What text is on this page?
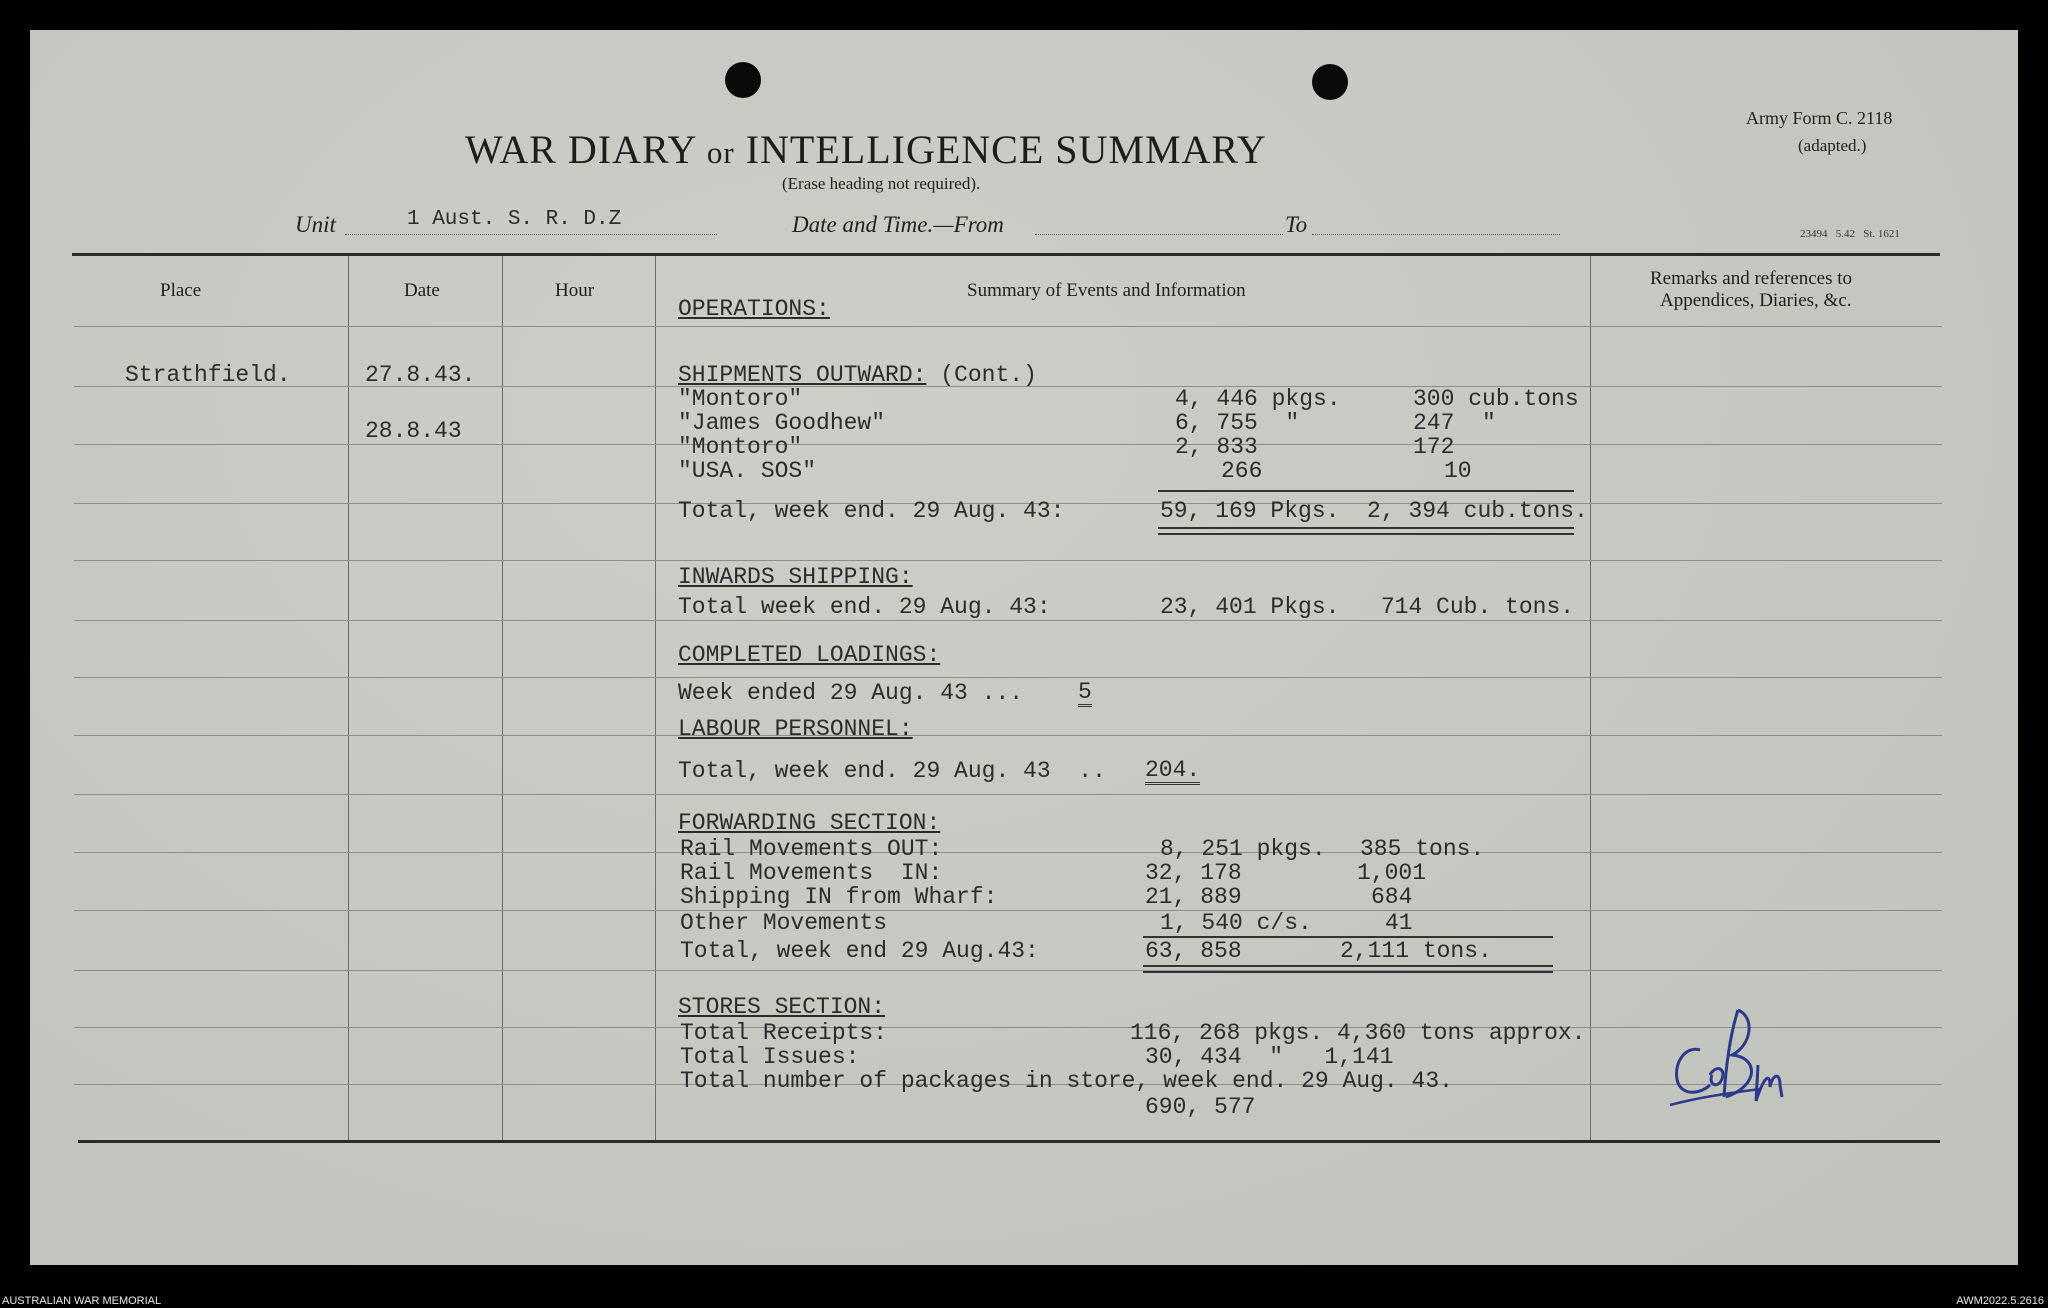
WAR DIARY or INTELLIGENCE SUMMARY
(Erase heading not required).
Army Form C. 2118
(adapted.)
23494   5.42   St. 1621
Unit	1 Aust. S. R. D.Z	Date and Time.—From	To
Place	Date	Hour	Summary of Events and Information
Remarks and references to
Appendices, Diaries, &c.
Strathfield.	27.8.43.
28.8.43
OPERATIONS:
SHIPMENTS OUTWARD: (Cont.)
"Montoro"	4, 446 pkgs.	300 cub.tons
"James Goodhew"	6, 755  "	247  "
"Montoro"	2, 833	172
"USA. SOS"	266	10
Total, week end. 29 Aug. 43:	59, 169 Pkgs.  2, 394 cub.tons.
INWARDS SHIPPING:
Total week end. 29 Aug. 43:	23, 401 Pkgs.   714 Cub. tons.
COMPLETED LOADINGS:
Week ended 29 Aug. 43 ... 5
LABOUR PERSONNEL:
Total, week end. 29 Aug. 43  .. 204.
FORWARDING SECTION:
Rail Movements OUT:	8, 251 pkgs. 385 tons.
Rail Movements  IN:	32, 178	1,001
Shipping IN from Wharf:	21, 889	684
Other Movements	1, 540 c/s.	41
Total, week end 29 Aug.43:	63, 858	2,111 tons.
STORES SECTION:
Total Receipts:	116, 268 pkgs. 4,360 tons approx.
Total Issues:	30, 434  "   1,141
Total number of packages in store, week end. 29 Aug. 43.
690, 577
AUSTRALIAN WAR MEMORIAL	AWM2022.5.2616
